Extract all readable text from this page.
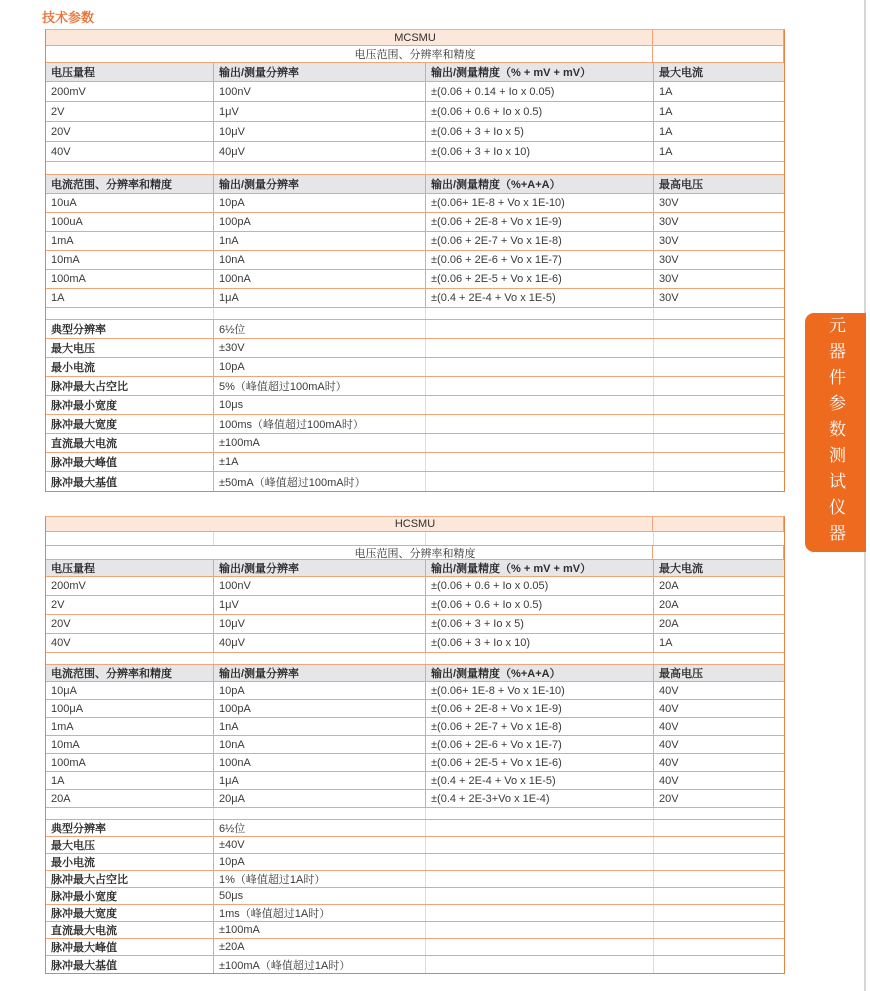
技术参数
MCSMU
电压范围、分辨率和精度
电压量程	输出/测量分辨率	输出/测量精度（% + mV + mV）	最大电流
200mV	100nV	±(0.06 + 0.14 + Io x 0.05)	1A
2V	1μV	±(0.06 + 0.6 + Io x 0.5)	1A
20V	10μV	±(0.06 + 3 + Io x 5)	1A
40V	40μV	±(0.06 + 3 + Io x 10)	1A
电流范围、分辨率和精度	输出/测量分辨率	输出/测量精度（%+A+A）	最高电压
10uA	10pA	±(0.06+ 1E-8 + Vo x 1E-10)	30V
100uA	100pA	±(0.06 + 2E-8 + Vo x 1E-9)	30V
1mA	1nA	±(0.06 + 2E-7 + Vo x 1E-8)	30V
10mA	10nA	±(0.06 + 2E-6 + Vo x 1E-7)	30V
100mA	100nA	±(0.06 + 2E-5 + Vo x 1E-6)	30V
1A	1μA	±(0.4 + 2E-4 + Vo x 1E-5)	30V
典型分辨率	6½位
最大电压	±30V
最小电流	10pA
脉冲最大占空比	5%（峰值超过100mA时）
脉冲最小宽度	10μs
脉冲最大宽度	100ms（峰值超过100mA时）
直流最大电流	±100mA
脉冲最大峰值	±1A
脉冲最大基值	±50mA（峰值超过100mA时）
HCSMU
电压范围、分辨率和精度
电压量程	输出/测量分辨率	输出/测量精度（% + mV + mV）	最大电流
200mV	100nV	±(0.06 + 0.6 + Io x 0.05)	20A
2V	1μV	±(0.06 + 0.6 + Io x 0.5)	20A
20V	10μV	±(0.06 + 3 + Io x 5)	20A
40V	40μV	±(0.06 + 3 + Io x 10)	1A
电流范围、分辨率和精度	输出/测量分辨率	输出/测量精度（%+A+A）	最高电压
10μA	10pA	±(0.06+ 1E-8 + Vo x 1E-10)	40V
100μA	100pA	±(0.06 + 2E-8 + Vo x 1E-9)	40V
1mA	1nA	±(0.06 + 2E-7 + Vo x 1E-8)	40V
10mA	10nA	±(0.06 + 2E-6 + Vo x 1E-7)	40V
100mA	100nA	±(0.06 + 2E-5 + Vo x 1E-6)	40V
1A	1μA	±(0.4 + 2E-4 + Vo x 1E-5)	40V
20A	20μA	±(0.4 + 2E-3+Vo x 1E-4)	20V
典型分辨率	6½位
最大电压	±40V
最小电流	10pA
脉冲最大占空比	1%（峰值超过1A时）
脉冲最小宽度	50μs
脉冲最大宽度	1ms（峰值超过1A时）
直流最大电流	±100mA
脉冲最大峰值	±20A
脉冲最大基值	±100mA（峰值超过1A时）
元器件参数测试仪器
